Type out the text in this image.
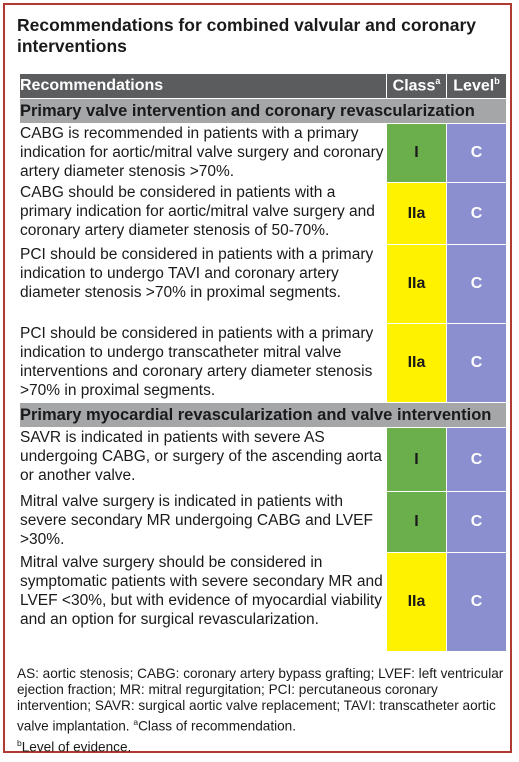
Recommendations for combined valvular and coronary interventions
Recommendations	Class$^a$	Level$^b$
Primary valve intervention and coronary revascularization		
CABG is recommended in patients with a primary indication for aortic/mitral valve surgery and coronary artery diameter stenosis >70%.	I	C
CABG should be considered in patients with a primary indication for aortic/mitral valve surgery and coronary artery diameter stenosis of 50-70%.	IIa	C
PCI should be considered in patients with a primary indication to undergo TAVI and coronary artery diameter stenosis >70% in proximal segments.	IIa	C
PCI should be considered in patients with a primary indication to undergo transcatheter mitral valve interventions and coronary artery diameter stenosis >70% in proximal segments.	IIa	C
Primary myocardial revascularization and valve intervention		
SAVR is indicated in patients with severe AS undergoing CABG, or surgery of the ascending aorta or another valve.	I	C
Mitral valve surgery is indicated in patients with severe secondary MR undergoing CABG and LVEF >30%.	I	C
Mitral valve surgery should be considered in symptomatic patients with severe secondary MR and LVEF <30%, but with evidence of myocardial viability and an option for surgical revascularization.	IIa	C
AS: aortic stenosis; CABG: coronary artery bypass grafting; LVEF: left ventricular ejection fraction; MR: mitral regurgitation; PCI: percutaneous coronary intervention; SAVR: surgical aortic valve replacement; TAVI: transcatheter aortic valve implantation. $^a$Class of recommendation.
$^b$Level of evidence.
